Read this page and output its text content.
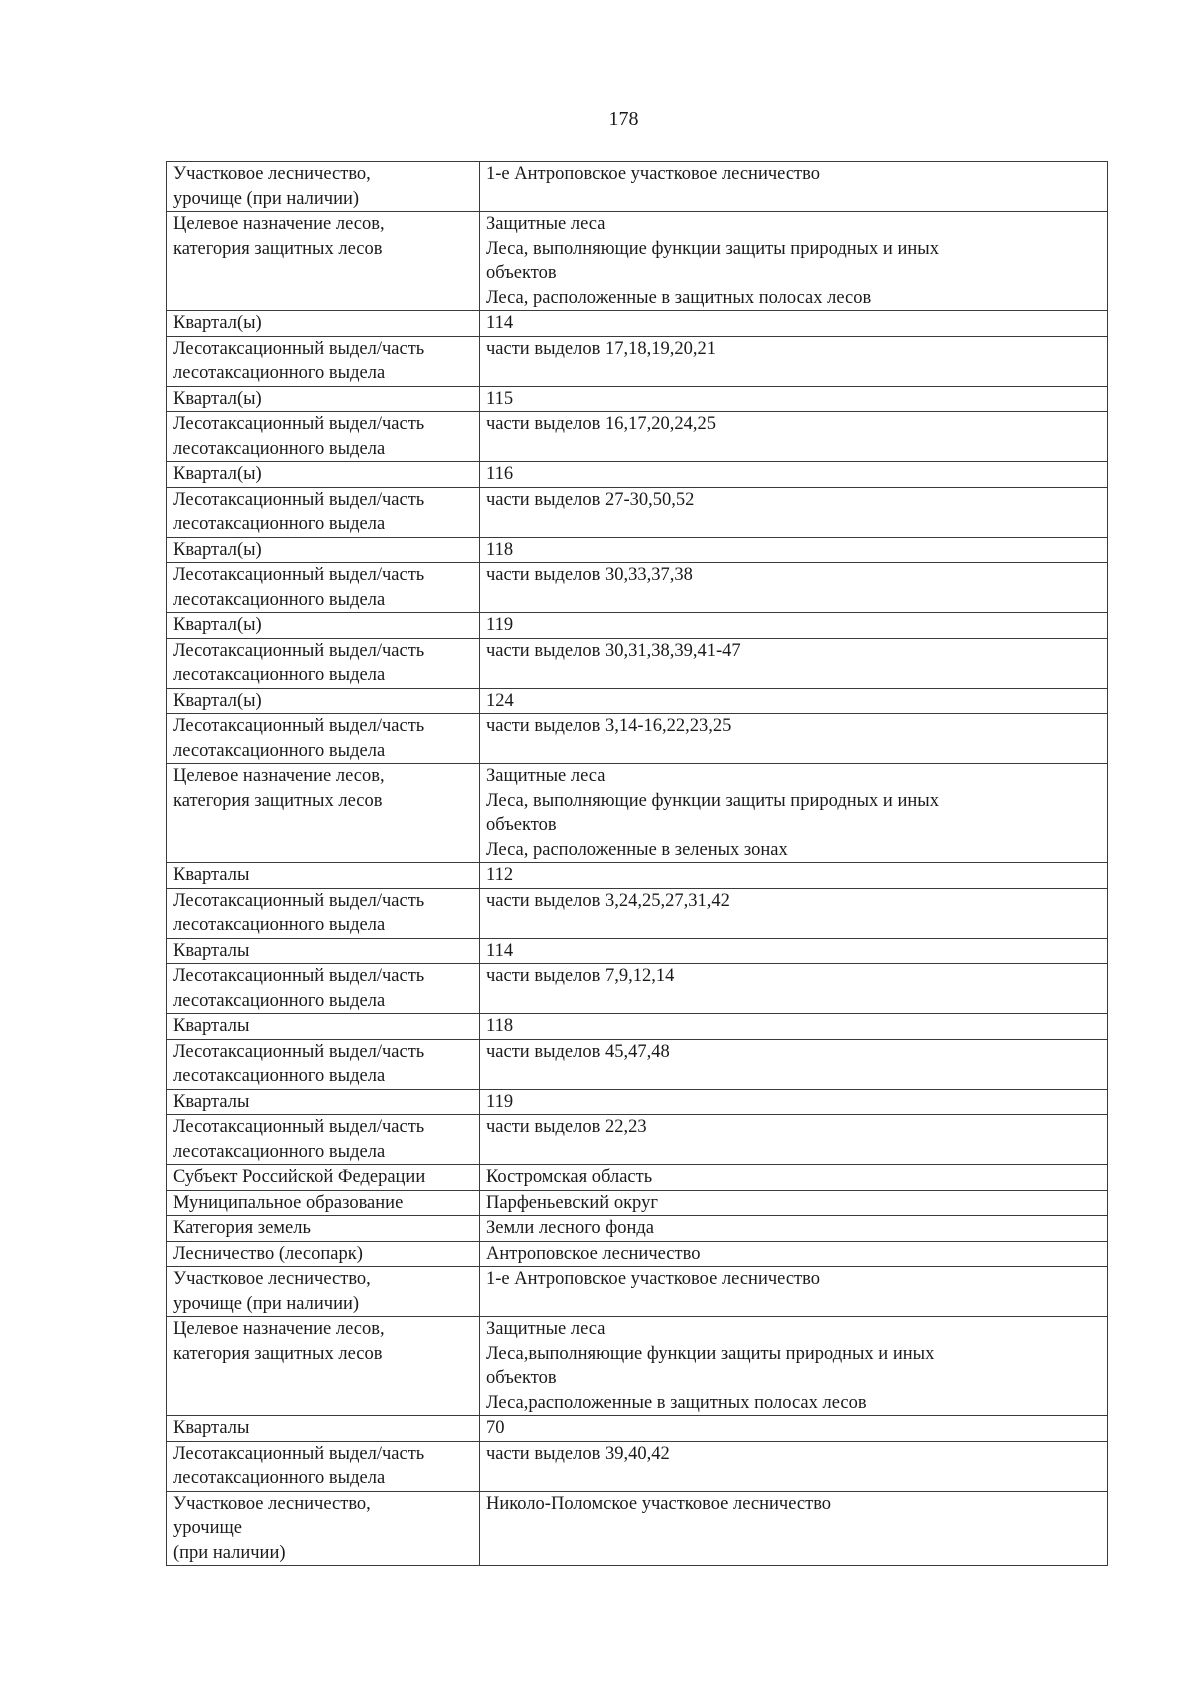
178
Участковое лесничество,
урочище (при наличии)	1-е Антроповское участковое лесничество

Целевое назначение лесов,
категория защитных лесов	Защитные леса
Леса, выполняющие функции защиты природных и иных
объектов
Леса, расположенные в защитных полосах лесов

Квартал(ы)	114

Лесотаксационный выдел/часть
лесотаксационного выдела	части выделов 17,18,19,20,21

Квартал(ы)	115

Лесотаксационный выдел/часть
лесотаксационного выдела	части выделов 16,17,20,24,25

Квартал(ы)	116

Лесотаксационный выдел/часть
лесотаксационного выдела	части выделов 27-30,50,52

Квартал(ы)	118

Лесотаксационный выдел/часть
лесотаксационного выдела	части выделов 30,33,37,38

Квартал(ы)	119

Лесотаксационный выдел/часть
лесотаксационного выдела	части выделов 30,31,38,39,41-47

Квартал(ы)	124

Лесотаксационный выдел/часть
лесотаксационного выдела	части выделов 3,14-16,22,23,25

Целевое назначение лесов,
категория защитных лесов	Защитные леса
Леса, выполняющие функции защиты природных и иных
объектов
Леса, расположенные в зеленых зонах

Кварталы	112

Лесотаксационный выдел/часть
лесотаксационного выдела	части выделов 3,24,25,27,31,42

Кварталы	114

Лесотаксационный выдел/часть
лесотаксационного выдела	части выделов 7,9,12,14

Кварталы	118

Лесотаксационный выдел/часть
лесотаксационного выдела	части выделов 45,47,48

Кварталы	119

Лесотаксационный выдел/часть
лесотаксационного выдела	части выделов 22,23

Субъект Российской Федерации	Костромская область

Муниципальное образование	Парфеньевский округ

Категория земель	Земли лесного фонда

Лесничество (лесопарк)	Антроповское лесничество

Участковое лесничество,
урочище (при наличии)	1-е Антроповское участковое лесничество

Целевое назначение лесов,
категория защитных лесов	Защитные леса
Леса,выполняющие функции защиты природных и иных
объектов
Леса,расположенные в защитных полосах лесов

Кварталы	70

Лесотаксационный выдел/часть
лесотаксационного выдела	части выделов 39,40,42

Участковое лесничество,
урочище
(при наличии)	Николо-Поломское участковое лесничество
